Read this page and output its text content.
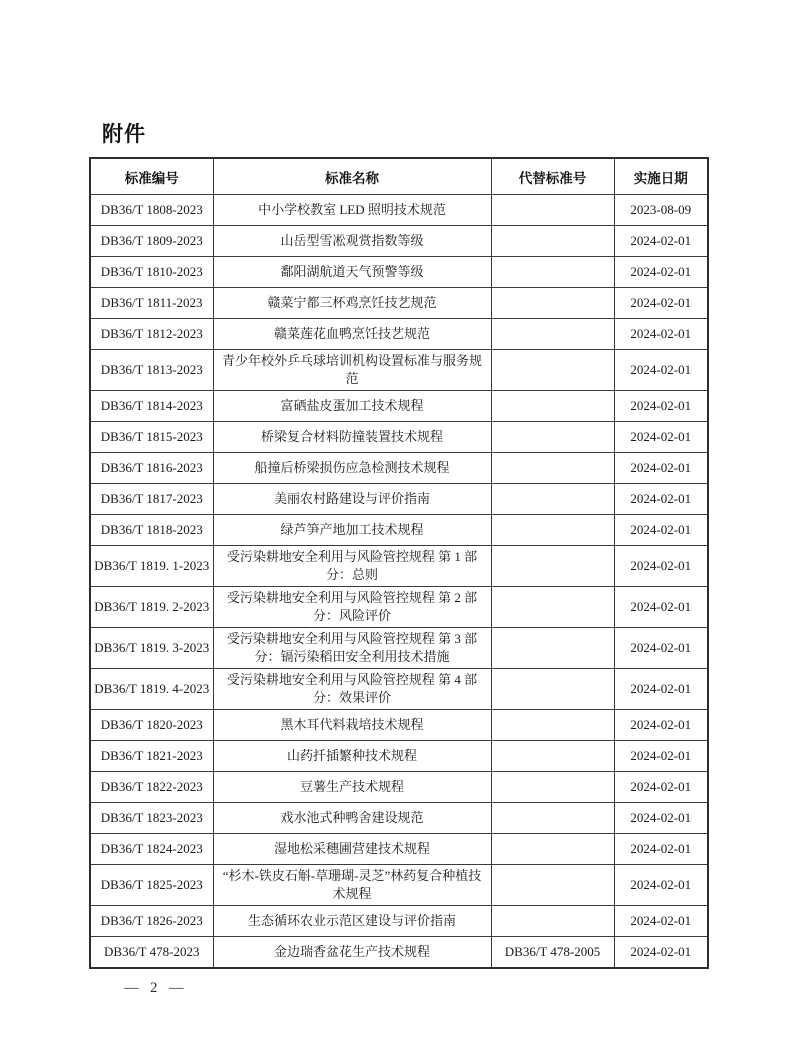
附件
标准编号	标准名称	代替标准号	实施日期
DB36/T 1808-2023	中小学校教室 LED 照明技术规范		2023-08-09
DB36/T 1809-2023	山岳型雪凇观赏指数等级		2024-02-01
DB36/T 1810-2023	鄱阳湖航道天气预警等级		2024-02-01
DB36/T 1811-2023	赣菜宁都三杯鸡烹饪技艺规范		2024-02-01
DB36/T 1812-2023	赣菜莲花血鸭烹饪技艺规范		2024-02-01
DB36/T 1813-2023	青少年校外乒乓球培训机构设置标准与服务规范		2024-02-01
DB36/T 1814-2023	富硒盐皮蛋加工技术规程		2024-02-01
DB36/T 1815-2023	桥梁复合材料防撞装置技术规程		2024-02-01
DB36/T 1816-2023	船撞后桥梁损伤应急检测技术规程		2024-02-01
DB36/T 1817-2023	美丽农村路建设与评价指南		2024-02-01
DB36/T 1818-2023	绿芦笋产地加工技术规程		2024-02-01
DB36/T 1819. 1-2023	受污染耕地安全利用与风险管控规程 第 1 部分：总则		2024-02-01
DB36/T 1819. 2-2023	受污染耕地安全利用与风险管控规程 第 2 部分：风险评价		2024-02-01
DB36/T 1819. 3-2023	受污染耕地安全利用与风险管控规程 第 3 部分：镉污染稻田安全利用技术措施		2024-02-01
DB36/T 1819. 4-2023	受污染耕地安全利用与风险管控规程 第 4 部分：效果评价		2024-02-01
DB36/T 1820-2023	黑木耳代料栽培技术规程		2024-02-01
DB36/T 1821-2023	山药扦插繁种技术规程		2024-02-01
DB36/T 1822-2023	豆薯生产技术规程		2024-02-01
DB36/T 1823-2023	戏水池式种鸭舍建设规范		2024-02-01
DB36/T 1824-2023	湿地松采穗圃营建技术规程		2024-02-01
DB36/T 1825-2023	“杉木-铁皮石斛-草珊瑚-灵芝”林药复合种植技术规程		2024-02-01
DB36/T 1826-2023	生态循环农业示范区建设与评价指南		2024-02-01
DB36/T 478-2023	金边瑞香盆花生产技术规程	DB36/T 478-2005	2024-02-01
— 2 —
